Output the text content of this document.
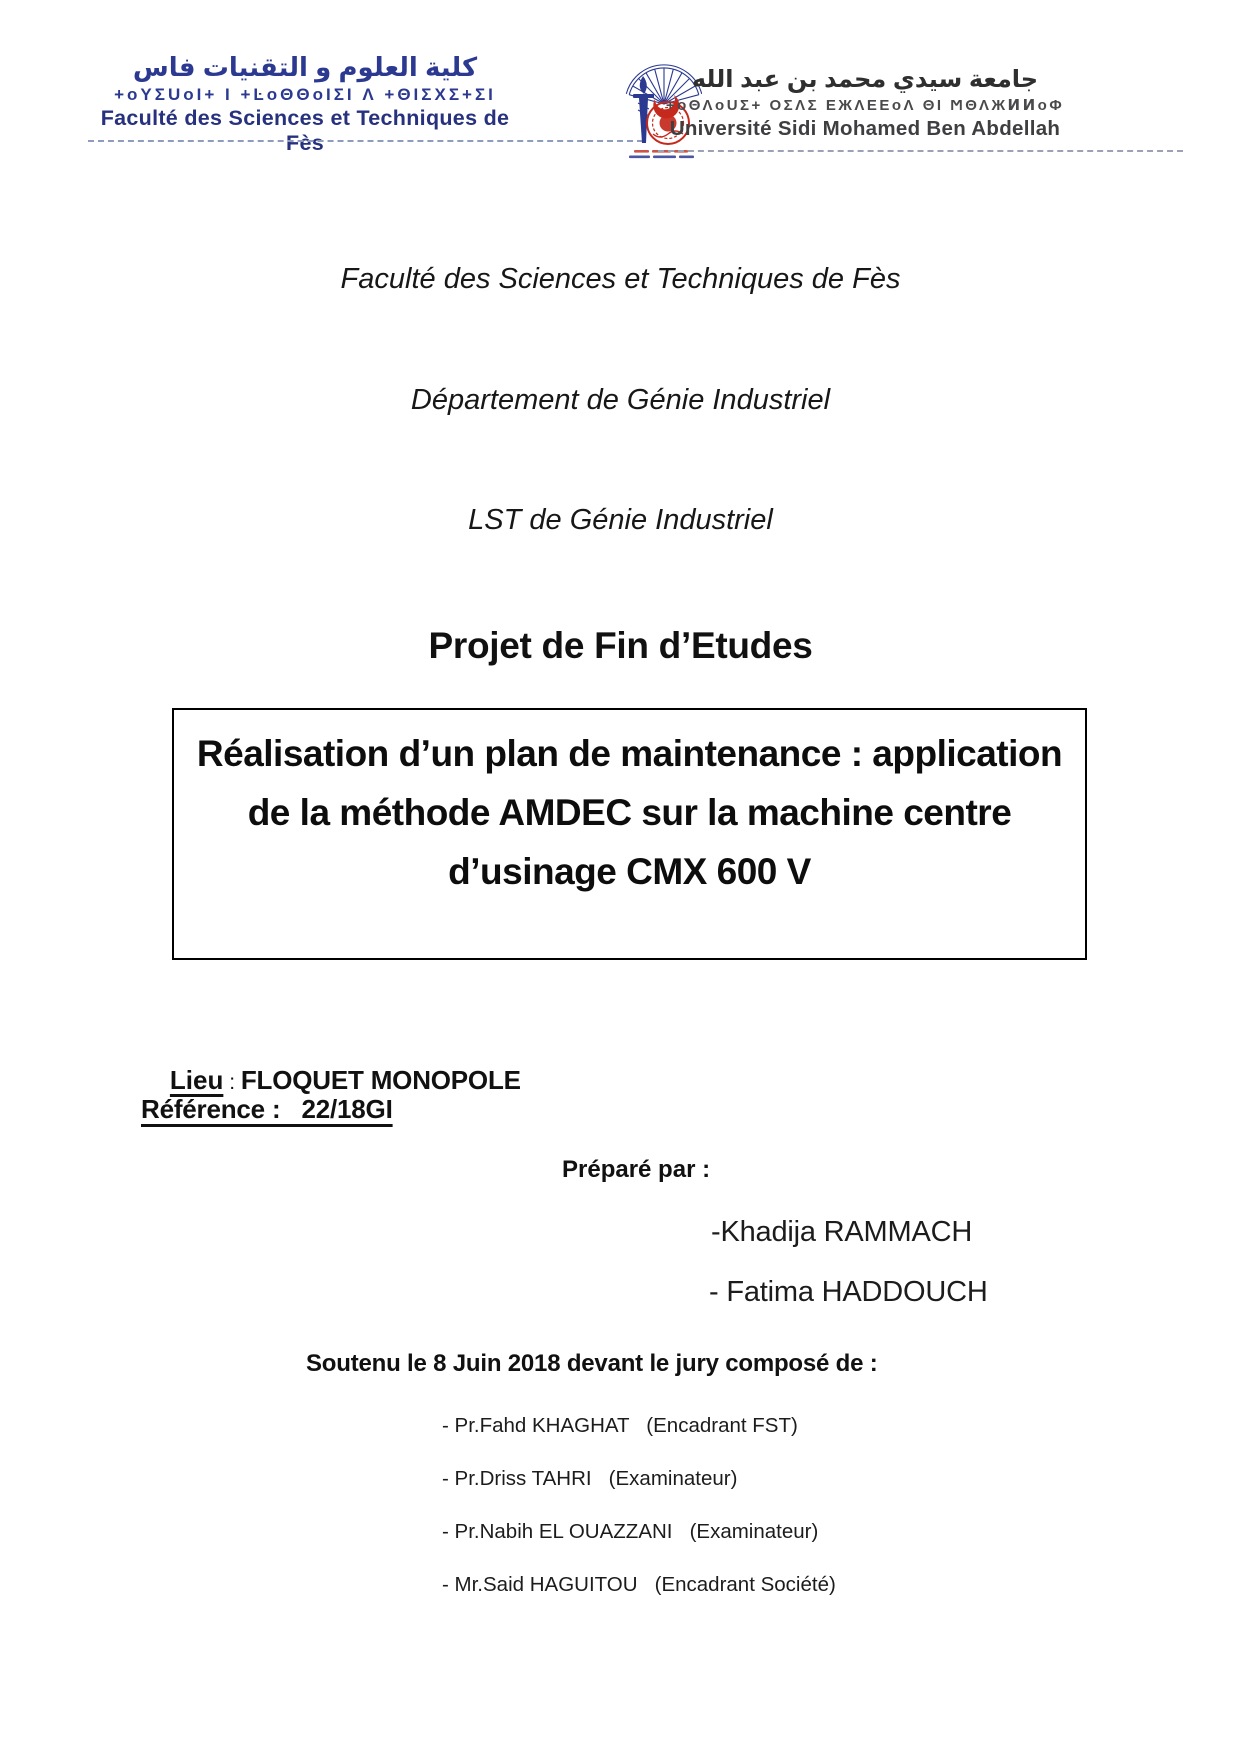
كلية العلوم و التقنيات فاس
+oYΣUoI+ I +ĿoΘΘoIΣI Λ +ΘIΣXΣ+ΣI
Faculté des Sciences et Techniques de Fès
جامعة سيدي محمد بن عبد الله
+oΘΛoUΣ+ ΟΣΛΣ ΕЖΛΕΕoΛ ΘΙ ϺΘΛЖͶͶoΦ
Université Sidi Mohamed Ben Abdellah
Faculté des Sciences et Techniques de Fès
Département de Génie Industriel
LST de Génie Industriel
Projet de Fin d’Etudes
Réalisation d’un plan de maintenance : application
de la méthode AMDEC sur la machine centre
d’usinage CMX 600 V

Lieu : FLOQUET MONOPOLE

Référence :   22/18GI
Préparé par :
-Khadija RAMMACH
- Fatima HADDOUCH
Soutenu le 8 Juin 2018 devant le jury composé de :
- Pr.Fahd KHAGHAT   (Encadrant FST)
- Pr.Driss TAHRI   (Examinateur)
- Pr.Nabih EL OUAZZANI   (Examinateur)
- Mr.Said HAGUITOU   (Encadrant Société)
